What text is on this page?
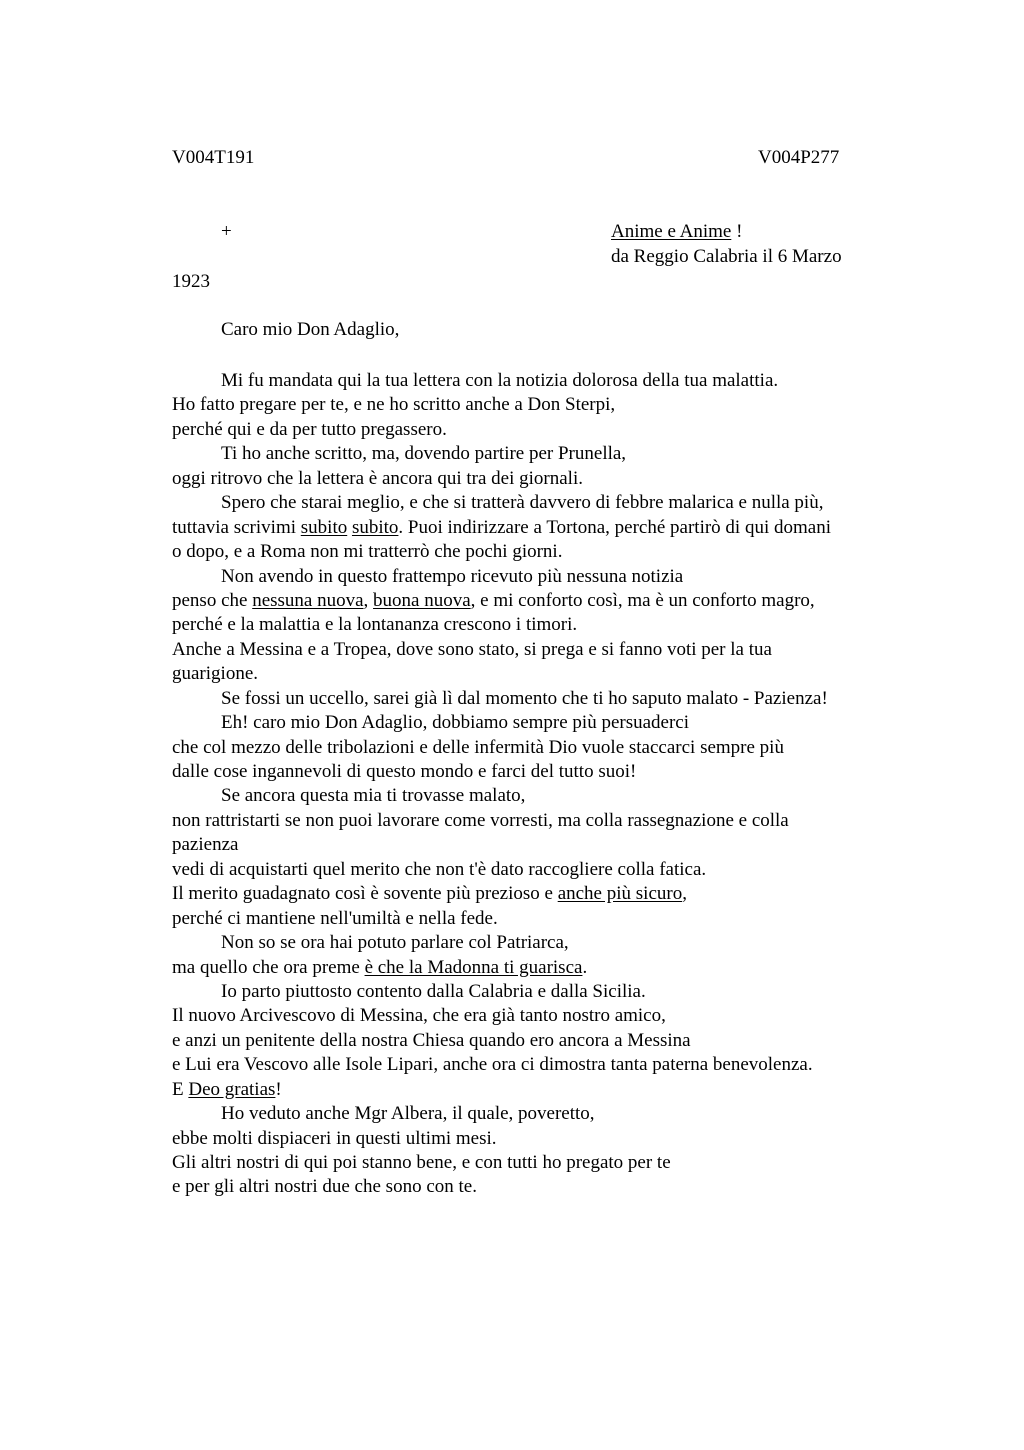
V004T191	V004P277
+	Anime e Anime !
da Reggio Calabria il 6 Marzo
1923
Caro mio Don Adaglio,
Mi fu mandata qui la tua lettera con la notizia dolorosa della tua malattia.
Ho fatto pregare per te, e ne ho scritto anche a Don Sterpi,
perché qui e da per tutto pregassero.
Ti ho anche scritto, ma, dovendo partire per Prunella,
oggi ritrovo che la lettera è ancora qui tra dei giornali.
Spero che starai meglio, e che si tratterà davvero di febbre malarica e nulla più,
tuttavia scrivimi subito subito. Puoi indirizzare a Tortona, perché partirò di qui domani
o dopo, e a Roma non mi tratterrò che pochi giorni.
Non avendo in questo frattempo ricevuto più nessuna notizia
penso che nessuna nuova, buona nuova, e mi conforto così, ma è un conforto magro,
perché e la malattia e la lontananza crescono i timori.
Anche a Messina e a Tropea, dove sono stato, si prega e si fanno voti per la tua
guarigione.
Se fossi un uccello, sarei già lì dal momento che ti ho saputo malato - Pazienza!
Eh! caro mio Don Adaglio, dobbiamo sempre più persuaderci
che col mezzo delle tribolazioni e delle infermità Dio vuole staccarci sempre più
dalle cose ingannevoli di questo mondo e farci del tutto suoi!
Se ancora questa mia ti trovasse malato,
non rattristarti se non puoi lavorare come vorresti, ma colla rassegnazione e colla
pazienza
vedi di acquistarti quel merito che non t'è dato raccogliere colla fatica.
Il merito guadagnato così è sovente più prezioso e anche più sicuro,
perché ci mantiene nell'umiltà e nella fede.
Non so se ora hai potuto parlare col Patriarca,
ma quello che ora preme è che la Madonna ti guarisca.
Io parto piuttosto contento dalla Calabria e dalla Sicilia.
Il nuovo Arcivescovo di Messina, che era già tanto nostro amico,
e anzi un penitente della nostra Chiesa quando ero ancora a Messina
e Lui era Vescovo alle Isole Lipari, anche ora ci dimostra tanta paterna benevolenza.
E Deo gratias!
Ho veduto anche Mgr Albera, il quale, poveretto,
ebbe molti dispiaceri in questi ultimi mesi.
Gli altri nostri di qui poi stanno bene, e con tutti ho pregato per te
e per gli altri nostri due che sono con te.
